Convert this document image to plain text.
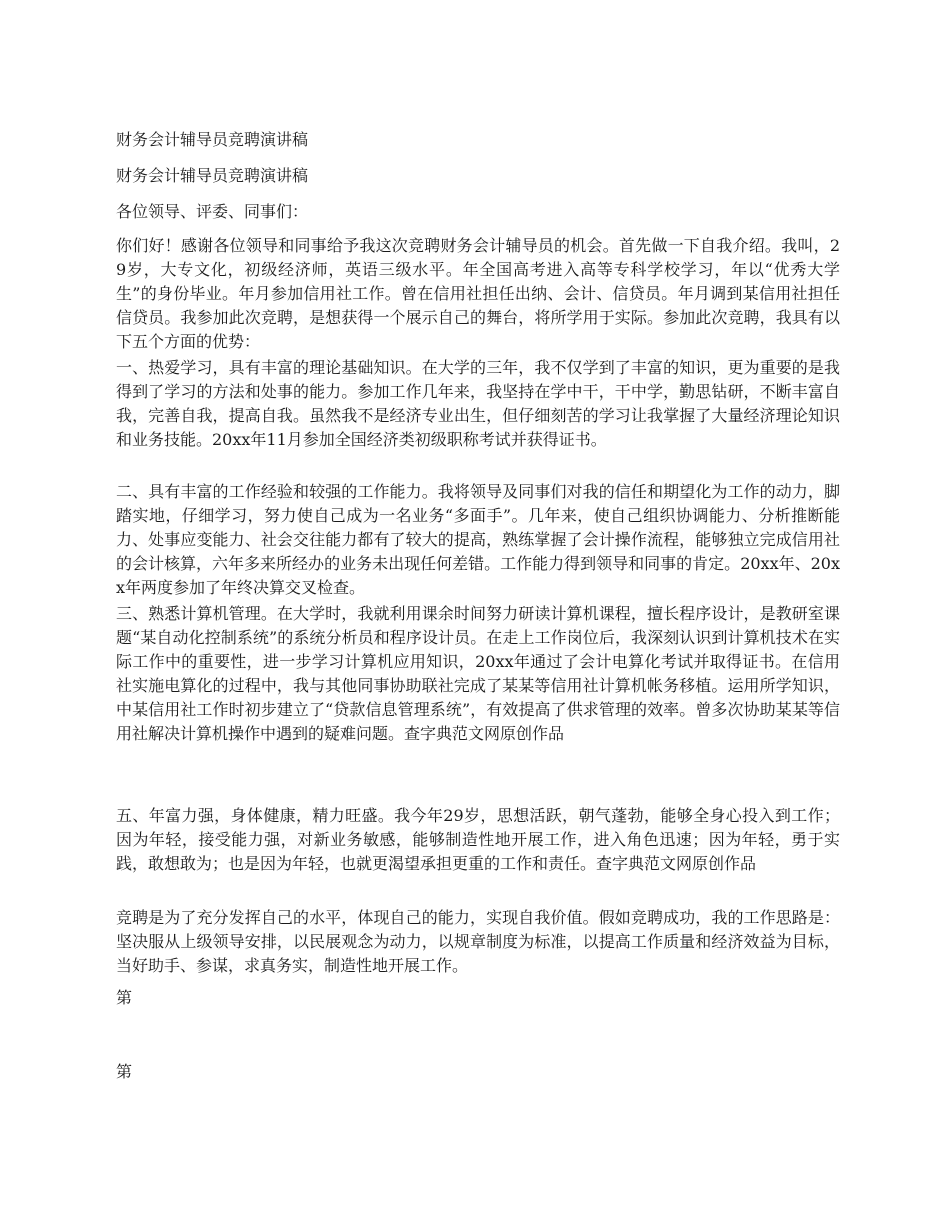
财务会计辅导员竞聘演讲稿
财务会计辅导员竞聘演讲稿
各位领导、评委、同事们：
你们好！感谢各位领导和同事给予我这次竞聘财务会计辅导员的机会。首先做一下自我介绍。我叫，29岁，大专文化，初级经济师，英语三级水平。年全国高考进入高等专科学校学习，年以“优秀大学生”的身份毕业。年月参加信用社工作。曾在信用社担任出纳、会计、信贷员。年月调到某信用社担任信贷员。我参加此次竞聘，是想获得一个展示自己的舞台，将所学用于实际。参加此次竞聘，我具有以下五个方面的优势：
一、热爱学习，具有丰富的理论基础知识。在大学的三年，我不仅学到了丰富的知识，更为重要的是我得到了学习的方法和处事的能力。参加工作几年来，我坚持在学中干，干中学，勤思钻研，不断丰富自我，完善自我，提高自我。虽然我不是经济专业出生，但仔细刻苦的学习让我掌握了大量经济理论知识和业务技能。20xx年11月参加全国经济类初级职称考试并获得证书。
二、具有丰富的工作经验和较强的工作能力。我将领导及同事们对我的信任和期望化为工作的动力，脚踏实地，仔细学习，努力使自己成为一名业务“多面手”。几年来，使自己组织协调能力、分析推断能力、处事应变能力、社会交往能力都有了较大的提高，熟练掌握了会计操作流程，能够独立完成信用社的会计核算，六年多来所经办的业务未出现任何差错。工作能力得到领导和同事的肯定。20xx年、20xx年两度参加了年终决算交叉检查。
三、熟悉计算机管理。在大学时，我就利用课余时间努力研读计算机课程，擅长程序设计，是教研室课题“某自动化控制系统”的系统分析员和程序设计员。在走上工作岗位后，我深刻认识到计算机技术在实际工作中的重要性，进一步学习计算机应用知识，20xx年通过了会计电算化考试并取得证书。在信用社实施电算化的过程中，我与其他同事协助联社完成了某某等信用社计算机帐务移植。运用所学知识，中某信用社工作时初步建立了“贷款信息管理系统”，有效提高了供求管理的效率。曾多次协助某某等信用社解决计算机操作中遇到的疑难问题。查字典范文网原创作品
五、年富力强，身体健康，精力旺盛。我今年29岁，思想活跃，朝气蓬勃，能够全身心投入到工作；因为年轻，接受能力强，对新业务敏感，能够制造性地开展工作，进入角色迅速；因为年轻，勇于实践，敢想敢为；也是因为年轻，也就更渴望承担更重的工作和责任。查字典范文网原创作品
竞聘是为了充分发挥自己的水平，体现自己的能力，实现自我价值。假如竞聘成功，我的工作思路是：坚决服从上级领导安排，以民展观念为动力，以规章制度为标准，以提高工作质量和经济效益为目标，当好助手、参谋，求真务实，制造性地开展工作。
第
第
